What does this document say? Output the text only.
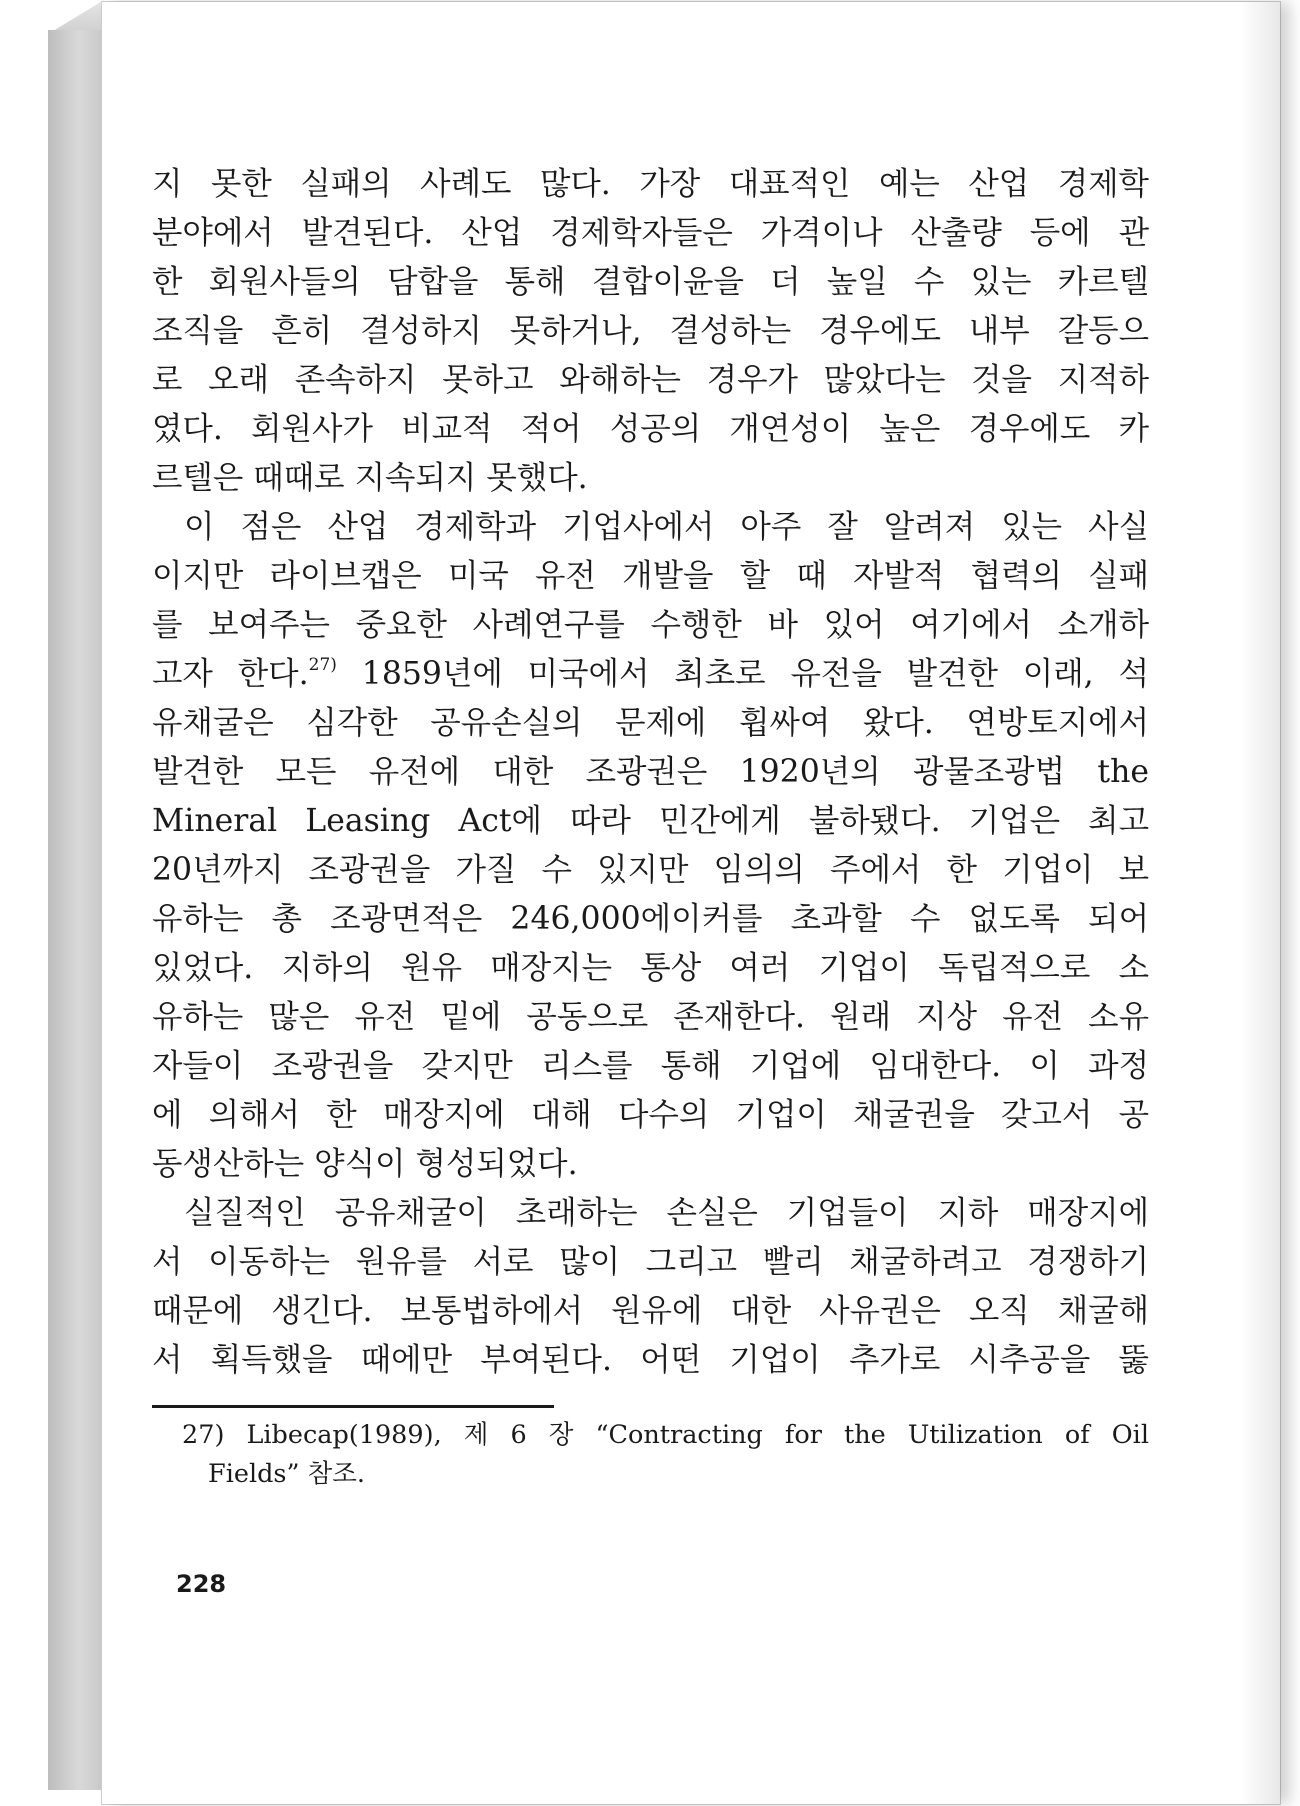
지 못한 실패의 사례도 많다. 가장 대표적인 예는 산업 경제학
분야에서 발견된다. 산업 경제학자들은 가격이나 산출량 등에 관
한 회원사들의 담합을 통해 결합이윤을 더 높일 수 있는 카르텔
조직을 흔히 결성하지 못하거나, 결성하는 경우에도 내부 갈등으
로 오래 존속하지 못하고 와해하는 경우가 많았다는 것을 지적하
였다. 회원사가 비교적 적어 성공의 개연성이 높은 경우에도 카
르텔은 때때로 지속되지 못했다.
이 점은 산업 경제학과 기업사에서 아주 잘 알려져 있는 사실
이지만 라이브캡은 미국 유전 개발을 할 때 자발적 협력의 실패
를 보여주는 중요한 사례연구를 수행한 바 있어 여기에서 소개하
고자 한다.$^{27)}$ 1859년에 미국에서 최초로 유전을 발견한 이래, 석
유채굴은 심각한 공유손실의 문제에 휩싸여 왔다. 연방토지에서
발견한 모든 유전에 대한 조광권은 1920년의 광물조광법 the
Mineral Leasing Act에 따라 민간에게 불하됐다. 기업은 최고
20년까지 조광권을 가질 수 있지만 임의의 주에서 한 기업이 보
유하는 총 조광면적은 246,000에이커를 초과할 수 없도록 되어
있었다. 지하의 원유 매장지는 통상 여러 기업이 독립적으로 소
유하는 많은 유전 밑에 공동으로 존재한다. 원래 지상 유전 소유
자들이 조광권을 갖지만 리스를 통해 기업에 임대한다. 이 과정
에 의해서 한 매장지에 대해 다수의 기업이 채굴권을 갖고서 공
동생산하는 양식이 형성되었다.
실질적인 공유채굴이 초래하는 손실은 기업들이 지하 매장지에
서 이동하는 원유를 서로 많이 그리고 빨리 채굴하려고 경쟁하기
때문에 생긴다. 보통법하에서 원유에 대한 사유권은 오직 채굴해
서 획득했을 때에만 부여된다. 어떤 기업이 추가로 시추공을 뚫
27) Libecap(1989), 제 6 장 “Contracting for the Utilization of Oil
Fields” 참조.
228
